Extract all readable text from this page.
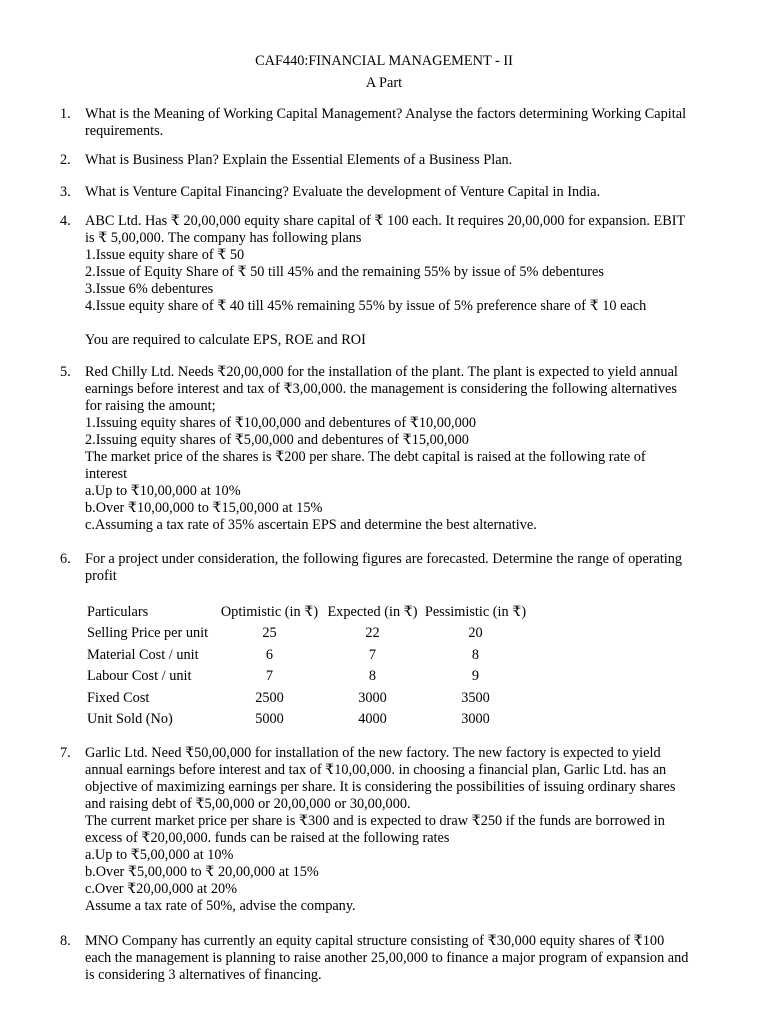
CAF440:FINANCIAL MANAGEMENT - II
A Part
1. What is the Meaning of Working Capital Management? Analyse the factors determining Working Capital
requirements.
2. What is Business Plan? Explain the Essential Elements of a Business Plan.
3. What is Venture Capital Financing? Evaluate the development of Venture Capital in India.
4. ABC Ltd. Has ₹ 20,00,000 equity share capital of ₹ 100 each. It requires 20,00,000 for expansion. EBIT
is ₹ 5,00,000. The company has following plans
1.Issue equity share of ₹ 50
2.Issue of Equity Share of ₹ 50 till 45% and the remaining 55% by issue of 5% debentures
3.Issue 6% debentures
4.Issue equity share of ₹ 40 till 45% remaining 55% by issue of 5% preference share of ₹ 10 each
You are required to calculate EPS, ROE and ROI
5. Red Chilly Ltd. Needs ₹20,00,000 for the installation of the plant. The plant is expected to yield annual
earnings before interest and tax of ₹3,00,000. the management is considering the following alternatives
for raising the amount;
1.Issuing equity shares of ₹10,00,000 and debentures of ₹10,00,000
2.Issuing equity shares of ₹5,00,000 and debentures of ₹15,00,000
The market price of the shares is ₹200 per share. The debt capital is raised at the following rate of
interest
a.Up to ₹10,00,000 at 10%
b.Over ₹10,00,000 to ₹15,00,000 at 15%
c.Assuming a tax rate of 35% ascertain EPS and determine the best alternative.
6. For a project under consideration, the following figures are forecasted. Determine the range of operating
profit
Particulars	Optimistic (in ₹)	Expected (in ₹)	Pessimistic (in ₹)
Selling Price per unit	25	22	20
Material Cost / unit	6	7	8
Labour Cost / unit	7	8	9
Fixed Cost	2500	3000	3500
Unit Sold (No)	5000	4000	3000
7. Garlic Ltd. Need ₹50,00,000 for installation of the new factory. The new factory is expected to yield
annual earnings before interest and tax of ₹10,00,000. in choosing a financial plan, Garlic Ltd. has an
objective of maximizing earnings per share. It is considering the possibilities of issuing ordinary shares
and raising debt of ₹5,00,000 or 20,00,000 or 30,00,000.
The current market price per share is ₹300 and is expected to draw ₹250 if the funds are borrowed in
excess of ₹20,00,000. funds can be raised at the following rates
a.Up to ₹5,00,000 at 10%
b.Over ₹5,00,000 to ₹ 20,00,000 at 15%
c.Over ₹20,00,000 at 20%
Assume a tax rate of 50%, advise the company.
8. MNO Company has currently an equity capital structure consisting of ₹30,000 equity shares of ₹100
each the management is planning to raise another 25,00,000 to finance a major program of expansion and
is considering 3 alternatives of financing.
